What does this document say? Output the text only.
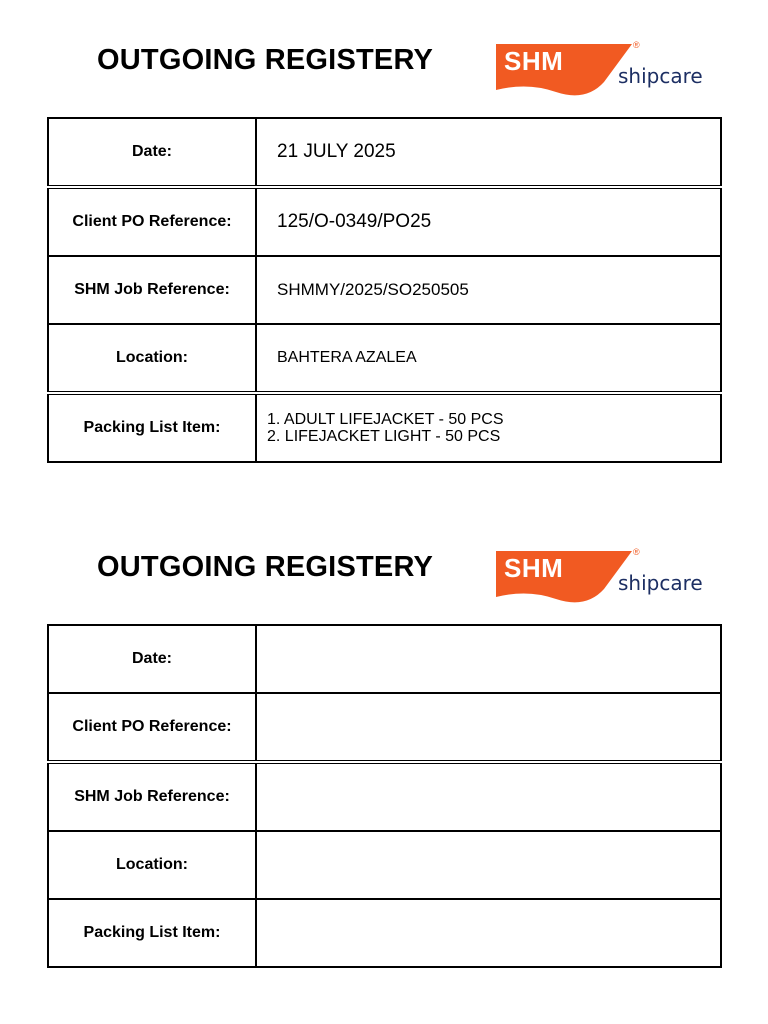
OUTGOING REGISTERY	SHM
®
shipcare
Date:	21 JULY 2025
Client PO Reference:	125/O-0349/PO25
SHM Job Reference:	SHMMY/2025/SO250505
Location:	BAHTERA AZALEA
Packing List Item:	1. ADULT LIFEJACKET - 50 PCS
2. LIFEJACKET LIGHT - 50 PCS
OUTGOING REGISTERY	SHM
®
shipcare
Date:	
Client PO Reference:	
SHM Job Reference:	
Location:	
Packing List Item:	
